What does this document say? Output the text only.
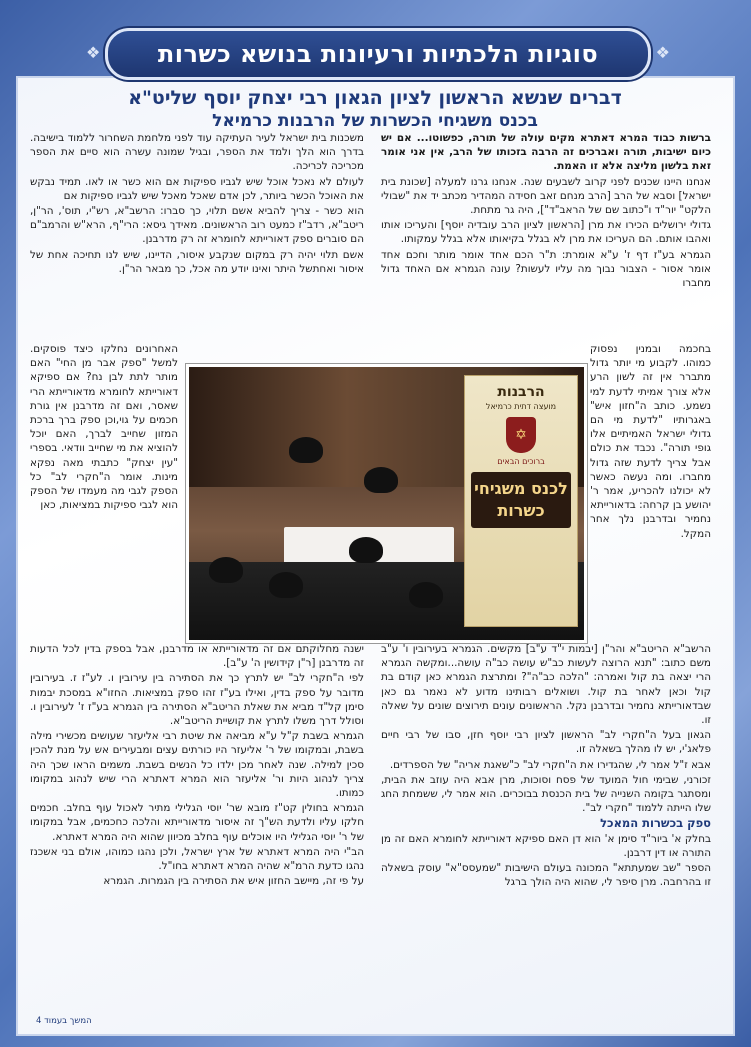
❖ סוגיות הלכתיות ורעיונות בנושא כשרות	❖
דברים שנשא הראשון לציון הגאון רבי יצחק יוסף שליט"א
בכנס משגיחי הכשרות של הרבנות כרמיאל

ברשות כבוד המרא דאתרא מקים עולה של תורה, כפשוטו... אם יש כיום ישיבות, תורה ואברכים זה הרבה בזכותו של הרב, אין אני אומר זאת בלשון מליצה אלא זו האמת.

אנחנו היינו שכנים לפני קרוב לשבעים שנה. אנחנו גרנו למעלה [שכונת בית ישראל] וסבא של הרב [הרב מנחם זאב חסידה המהדיר מכתב יד את "שבולי הלקט" יור"ד ו"כתוב שם של הראב"ד"], היה גר מתחת.

גדולי ירושלים הכירו את מרן [הראשון לציון הרב עובדיה יוסף] והעריכו אותו ואהבו אותם. הם העריכו את מרן לא בגלל בקיאותו אלא בגלל עמקותו.

הגמרא בע"ז דף ז' ע"א אומרת: ת"ר הכם אחד אומר מותר וחכם אחד אומר אסור - הצבור נבוך מה עליו לעשות? עונה הגמרא אם האחד גדול מחברו

בחכמה ובמנין נפסוק כמוהו. לקבוע מי יותר גדול מתברר אין זה לשון הרע אלא צורך אמיתי לדעת למי נשמע. כותב ה"חזון איש" באגרותיו "לדעת מי הם גדולי ישראל האמיתיים אלו גופי תורה". נכבד את כולם אבל צריך לדעת שזה גדול מחברו. ומה נעשה כאשר לא יכולנו להכריע, אמר ר' יהושע בן קרחה: בדאורייתא נחמיר ובדרבנן נלך אחר המקל.

משכנות בית ישראל לעיר העתיקה עוד לפני מלחמת השחרור ללמוד בישיבה. בדרך הוא הלך ולמד את הספר, ובגיל שמונה עשרה הוא סיים את הספר מכריכה לכריכה.

לעולם לא נאכל אוכל שיש לגביו ספיקות אם הוא כשר או לאו. תמיד נבקש את האוכל הכשר ביותר, לכן אדם שאכל מאכל שיש לגביו ספיקות אם

הוא כשר - צריך להביא אשם תלוי, כך סברו: הרשב"א, רש"י, תוס', הר"ן, ריטב"א, רדב"ז כמעט רוב הראשונים. מאידך גיסא: הרי"ף, הרא"ש והרמב"ם הם סוברים ספק דאורייתא לחומרא זה רק מדרבנן.

אשם תלוי יהיה רק במקום שנקבע איסור, הדיינו, שיש לנו תחיכה אחת של איסור ואחתשל היתר ואינו יודע מה אכל, כך מבאר הר"ן.

האחרונים נחלקו כיצד פוסקים. למשל "ספק אבר מן החי" האם מותר לתת לבן נח? אם ספיקא דאורייתא לחומרא מדאורייתא הרי שאסר, ואם זה מדרבנן אין גורת חכמים על גוי,וכן ספק ברך ברכת המזון שחייב לברך, האם יוכל להוציא את מי שחייב וודאי. בספרי "עין יצחק" כתבתי מאה נפקא מינות. אומר ה"חקרי לב" כל הספק לגבי מה מעמדו של הספק הוא לגבי ספיקות במציאות, כאן

הרבנות
מועצה דתית כרמיאל
✡
ברוכים הבאים
לכנס משגיחי כשרות

הרשב"א הריטב"א והר"ן [יבמות י"ד ע"ב] מקשים. הגמרא בעירובין ו' ע"ב משם כתוב: "תנא הרוצה לעשות כב"ש עושה כב"ה עושה...ומקשה הגמרא הרי יצאה בת קול ואמרה: "הלכה כב"ה"? ומתרצת הגמרא כאן קודם בת קול וכאן לאחר בת קול. ושואלים רבותינו מדוע לא נאמר גם כאן שבדאורייתא נחמיר ובדרבנן נקל. הראשונים עונים תירוצים שונים על שאלה זו.

הגאון בעל ה"חקרי לב" הראשון לציון רבי יוסף חזן, סבו של רבי חיים פלאג'י, יש לו מהלך בשאלה זו.

אבא ז"ל אמר לי, שהגדירו את ה"חקרי לב" כ"שאגת אריה" של הספרדים.

זכורני, שבימי חול המועד של פסח וסוכות, מרן אבא היה עוזב את הבית, ומסתגר בקומה השנייה של בית הכנסת בבוכרים. הוא אמר לי, ששמחת החג שלו הייתה ללמוד "חקרי לב".

ספק בכשרות המאכל

בחלק א' ביור"ד סימן א' הוא דן האם ספיקא דאורייתא לחומרא האם זה מן התורה או דין דרבנן.

הספר "שב שמעתתא" המכונה בעולם הישיבות "שמעסס"א" עוסק בשאלה זו בהרחבה. מרן סיפר לי, שהוא היה הולך ברגל

ישנה מחלוקתם אם זה מדאורייתא או מדרבנן, אבל בספק בדין לכל הדעות זה מדרבנן [ר"ן קידושין ה' ע"ב].

לפי ה"חקרי לב" יש לתרץ כך את הסתירה בין עירובין ו. לע"ז ז. בעירובין מדובר על ספק בדין, ואילו בע"ז זהו ספק במציאות. החזו"א במסכת יבמות סימן קל"ד מביא את שאלת הריטב"א הסתירה בין הגמרא בע"ז ז' לעירובין ו. וסולל דרך משלו לתרץ את קושיית הריטב"א.

הגמרא בשבת ק"ל ע"א מביאה את שיטת רבי אליעזר שעושים מכשירי מילה בשבת, ובמקומו של ר' אליעזר היו כורתים עצים ומבעירים אש על מנת להכין סכין למילה. שנה לאחר מכן ילדו כל הנשים בשבת. משמים הראו שכך היה צריך לנהוג היות ור' אליעזר הוא המרא דאתרא הרי שיש לנהוג במקומו כמותו.

הגמרא בחולין קט"ז מובא שר' יוסי הגלילי מתיר לאכול עוף בחלב. חכמים חלקו עליו ולדעת הש"ך זה איסור מדאורייתא והלכה כחכמים, אבל במקומו של ר' יוסי הגלילי היו אוכלים עוף בחלב מכיוון שהוא היה המרא דאתרא.

הב"י היה המרא דאתרא של ארץ ישראל, ולכן נהגו כמוהו, אולם בני אשכנז נהגו כדעת הרמ"א שהיה המרא דאתרא בחו"ל.

על פי זה, מיישב החזון איש את הסתירה בין הגמרות. הגמרא

המשך בעמוד 4
